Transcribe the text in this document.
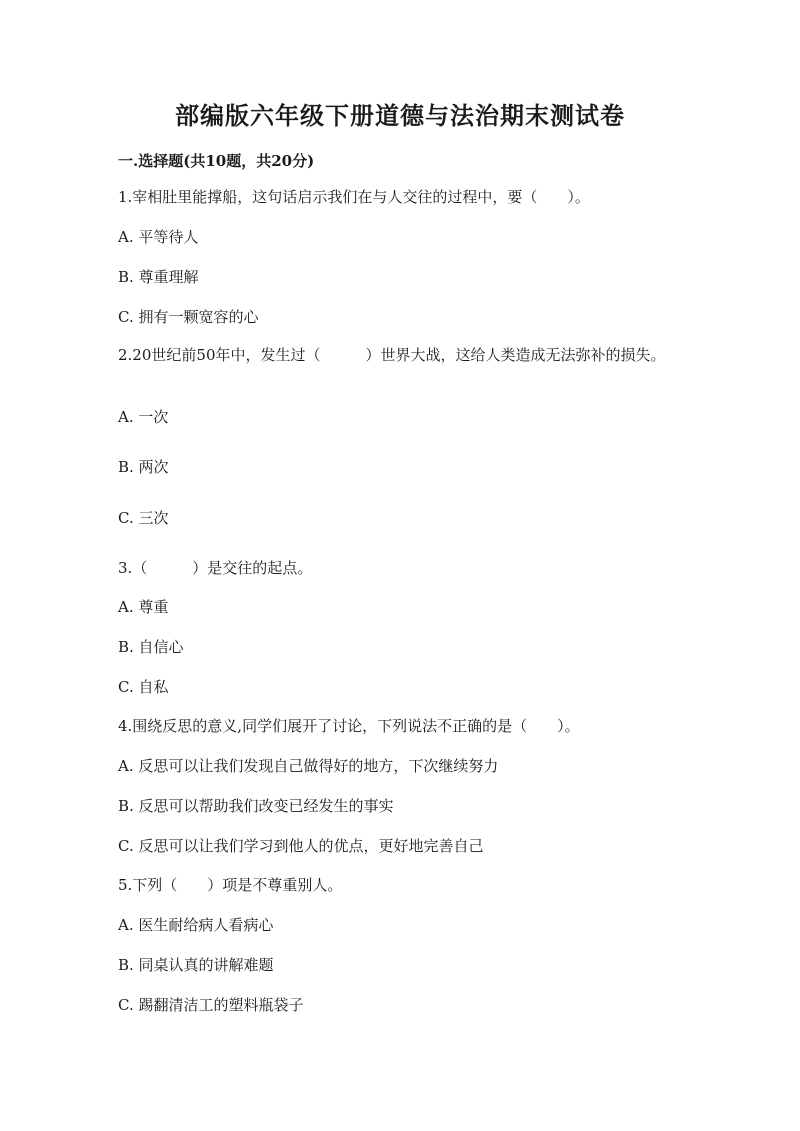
部编版六年级下册道德与法治期末测试卷

一.选择题(共10题，共20分)

1.宰相肚里能撑船，这句话启示我们在与人交往的过程中，要（　　）。

A. 平等待人

B. 尊重理解

C. 拥有一颗宽容的心

2.20世纪前50年中，发生过（　　　）世界大战，这给人类造成无法弥补的损失。

A. 一次

B. 两次

C. 三次

3.（　　　）是交往的起点。

A. 尊重

B. 自信心

C. 自私

4.围绕反思的意义,同学们展开了讨论，下列说法不正确的是（　　）。

A. 反思可以让我们发现自己做得好的地方，下次继续努力

B. 反思可以帮助我们改变已经发生的事实

C. 反思可以让我们学习到他人的优点，更好地完善自己

5.下列（　　）项是不尊重别人。

A. 医生耐给病人看病心

B. 同桌认真的讲解难题

C. 踢翻清洁工的塑料瓶袋子
